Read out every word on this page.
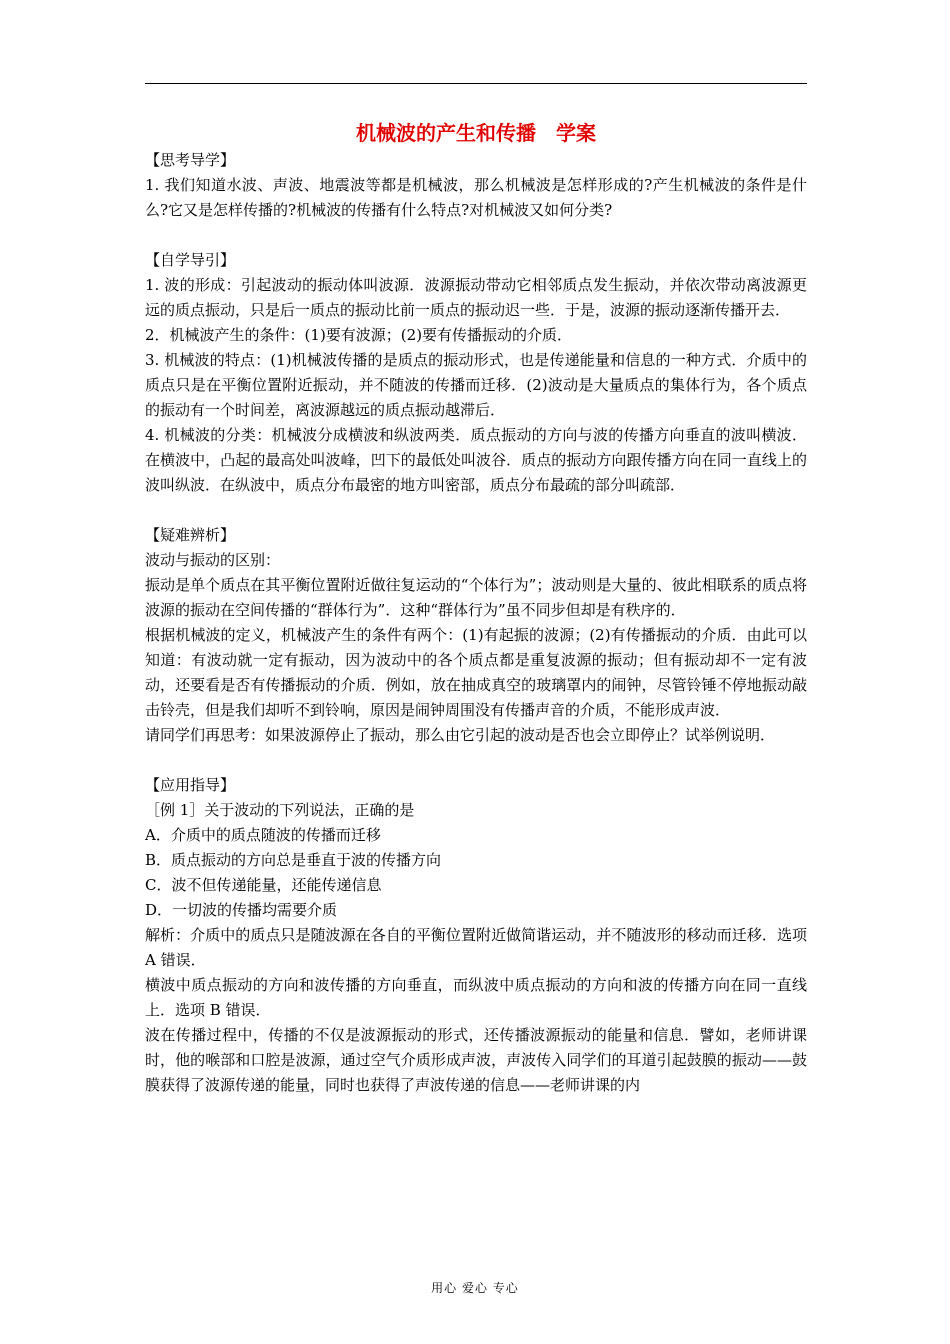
机械波的产生和传播　学案

【思考导学】

1. 我们知道水波、声波、地震波等都是机械波，那么机械波是怎样形成的?产生机械波的条件是什么?它又是怎样传播的?机械波的传播有什么特点?对机械波又如何分类?

【自学导引】

1. 波的形成：引起波动的振动体叫波源．波源振动带动它相邻质点发生振动，并依次带动离波源更远的质点振动，只是后一质点的振动比前一质点的振动迟一些．于是，波源的振动逐渐传播开去．

2．机械波产生的条件：(1)要有波源；(2)要有传播振动的介质．

3. 机械波的特点：(1)机械波传播的是质点的振动形式，也是传递能量和信息的一种方式．介质中的质点只是在平衡位置附近振动，并不随波的传播而迁移．(2)波动是大量质点的集体行为，各个质点的振动有一个时间差，离波源越远的质点振动越滞后．

4. 机械波的分类：机械波分成横波和纵波两类．质点振动的方向与波的传播方向垂直的波叫横波．在横波中，凸起的最高处叫波峰，凹下的最低处叫波谷．质点的振动方向跟传播方向在同一直线上的波叫纵波．在纵波中，质点分布最密的地方叫密部，质点分布最疏的部分叫疏部．

【疑难辨析】

波动与振动的区别：

振动是单个质点在其平衡位置附近做往复运动的“个体行为”；波动则是大量的、彼此相联系的质点将波源的振动在空间传播的“群体行为”．这种“群体行为”虽不同步但却是有秩序的．

根据机械波的定义，机械波产生的条件有两个：(1)有起振的波源；(2)有传播振动的介质．由此可以知道：有波动就一定有振动，因为波动中的各个质点都是重复波源的振动；但有振动却不一定有波动，还要看是否有传播振动的介质．例如，放在抽成真空的玻璃罩内的闹钟，尽管铃锤不停地振动敲击铃壳，但是我们却听不到铃响，原因是闹钟周围没有传播声音的介质，不能形成声波．

请同学们再思考：如果波源停止了振动，那么由它引起的波动是否也会立即停止？试举例说明．

【应用指导】

［例 1］关于波动的下列说法，正确的是

A．介质中的质点随波的传播而迁移

B．质点振动的方向总是垂直于波的传播方向

C．波不但传递能量，还能传递信息

D．一切波的传播均需要介质

解析：介质中的质点只是随波源在各自的平衡位置附近做简谐运动，并不随波形的移动而迁移．选项 A 错误．

横波中质点振动的方向和波传播的方向垂直，而纵波中质点振动的方向和波的传播方向在同一直线上．选项 B 错误．

波在传播过程中，传播的不仅是波源振动的形式，还传播波源振动的能量和信息．譬如，老师讲课时，他的喉部和口腔是波源，通过空气介质形成声波，声波传入同学们的耳道引起鼓膜的振动——鼓膜获得了波源传递的能量，同时也获得了声波传递的信息——老师讲课的内

用心 爱心 专心
